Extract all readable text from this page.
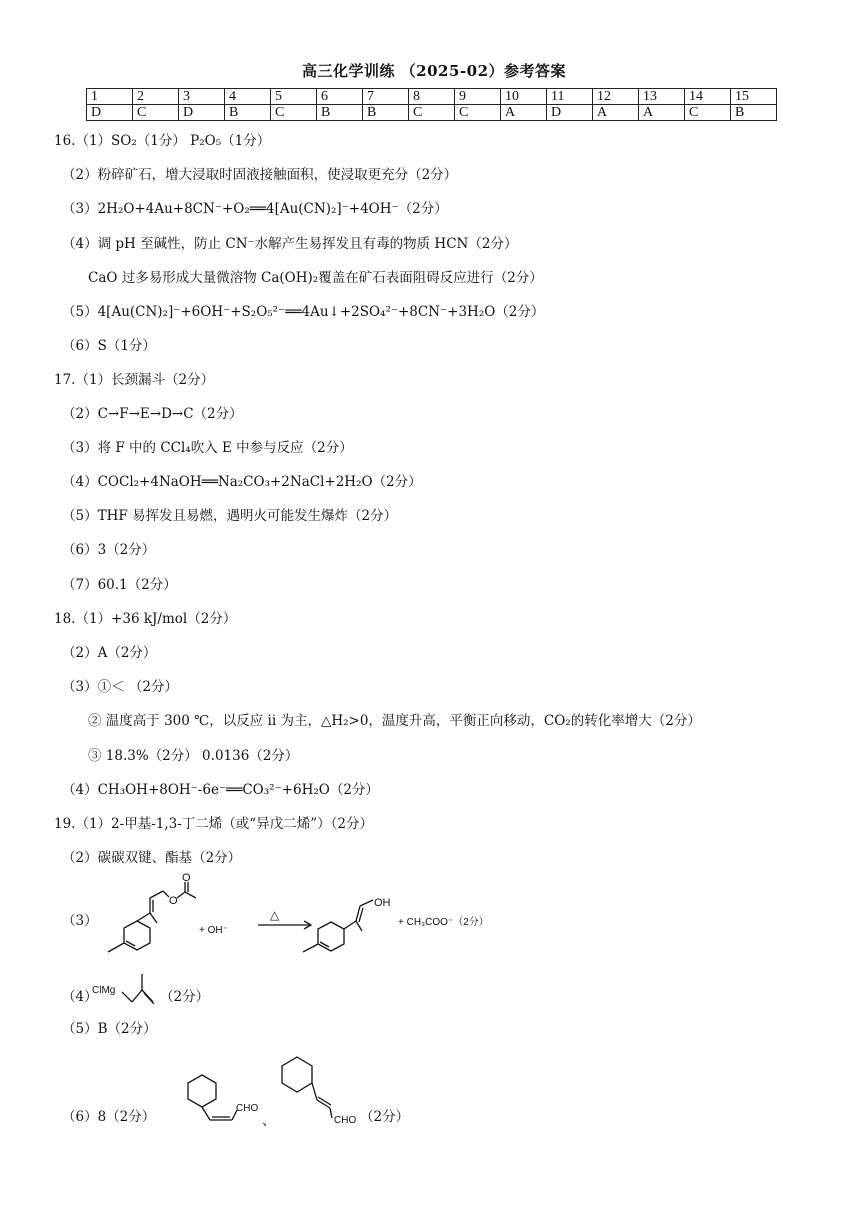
高三化学训练 （2025-02）参考答案
1	2	3	4	5	6	7	8	9	10	11	12	13	14	15
D	C	D	B	C	B	B	C	C	A	D	A	A	C	B
16.（1）SO₂（1分） P₂O₅（1分）
（2）粉碎矿石，增大浸取时固液接触面积，使浸取更充分（2分）
（3）2H₂O+4Au+8CN⁻+O₂══4[Au(CN)₂]⁻+4OH⁻（2分）
（4）调 pH 至碱性，防止 CN⁻水解产生易挥发且有毒的物质 HCN（2分）
CaO 过多易形成大量微溶物 Ca(OH)₂覆盖在矿石表面阻碍反应进行（2分）
（5）4[Au(CN)₂]⁻+6OH⁻+S₂O₅²⁻══4Au↓+2SO₄²⁻+8CN⁻+3H₂O（2分）
（6）S（1分）
17.（1）长颈漏斗（2分）
（2）C→F→E→D→C（2分）
（3）将 F 中的 CCl₄吹入 E 中参与反应（2分）
（4）COCl₂+4NaOH══Na₂CO₃+2NaCl+2H₂O（2分）
（5）THF 易挥发且易燃，遇明火可能发生爆炸（2分）
（6）3（2分）
（7）60.1（2分）
18.（1）+36 kJ/mol（2分）
（2）A（2分）
（3）①＜ （2分）
② 温度高于 300 ℃，以反应 ii 为主，△H₂>0，温度升高，平衡正向移动，CO₂的转化率增大（2分）
③ 18.3%（2分） 0.0136（2分）
（4）CH₃OH+8OH⁻-6e⁻══CO₃²⁻+6H₂O（2分）
19.（1）2-甲基-1,3-丁二烯（或“异戊二烯”）（2分）
（2）碳碳双键、酯基（2分）
（3）
O
O
+ OH⁻
△
OH
+ CH₃COO⁻（2分）
（4）
ClMg	（2分）
（5）B（2分）
（6）8（2分）
CHO
、	CHO （2分）
